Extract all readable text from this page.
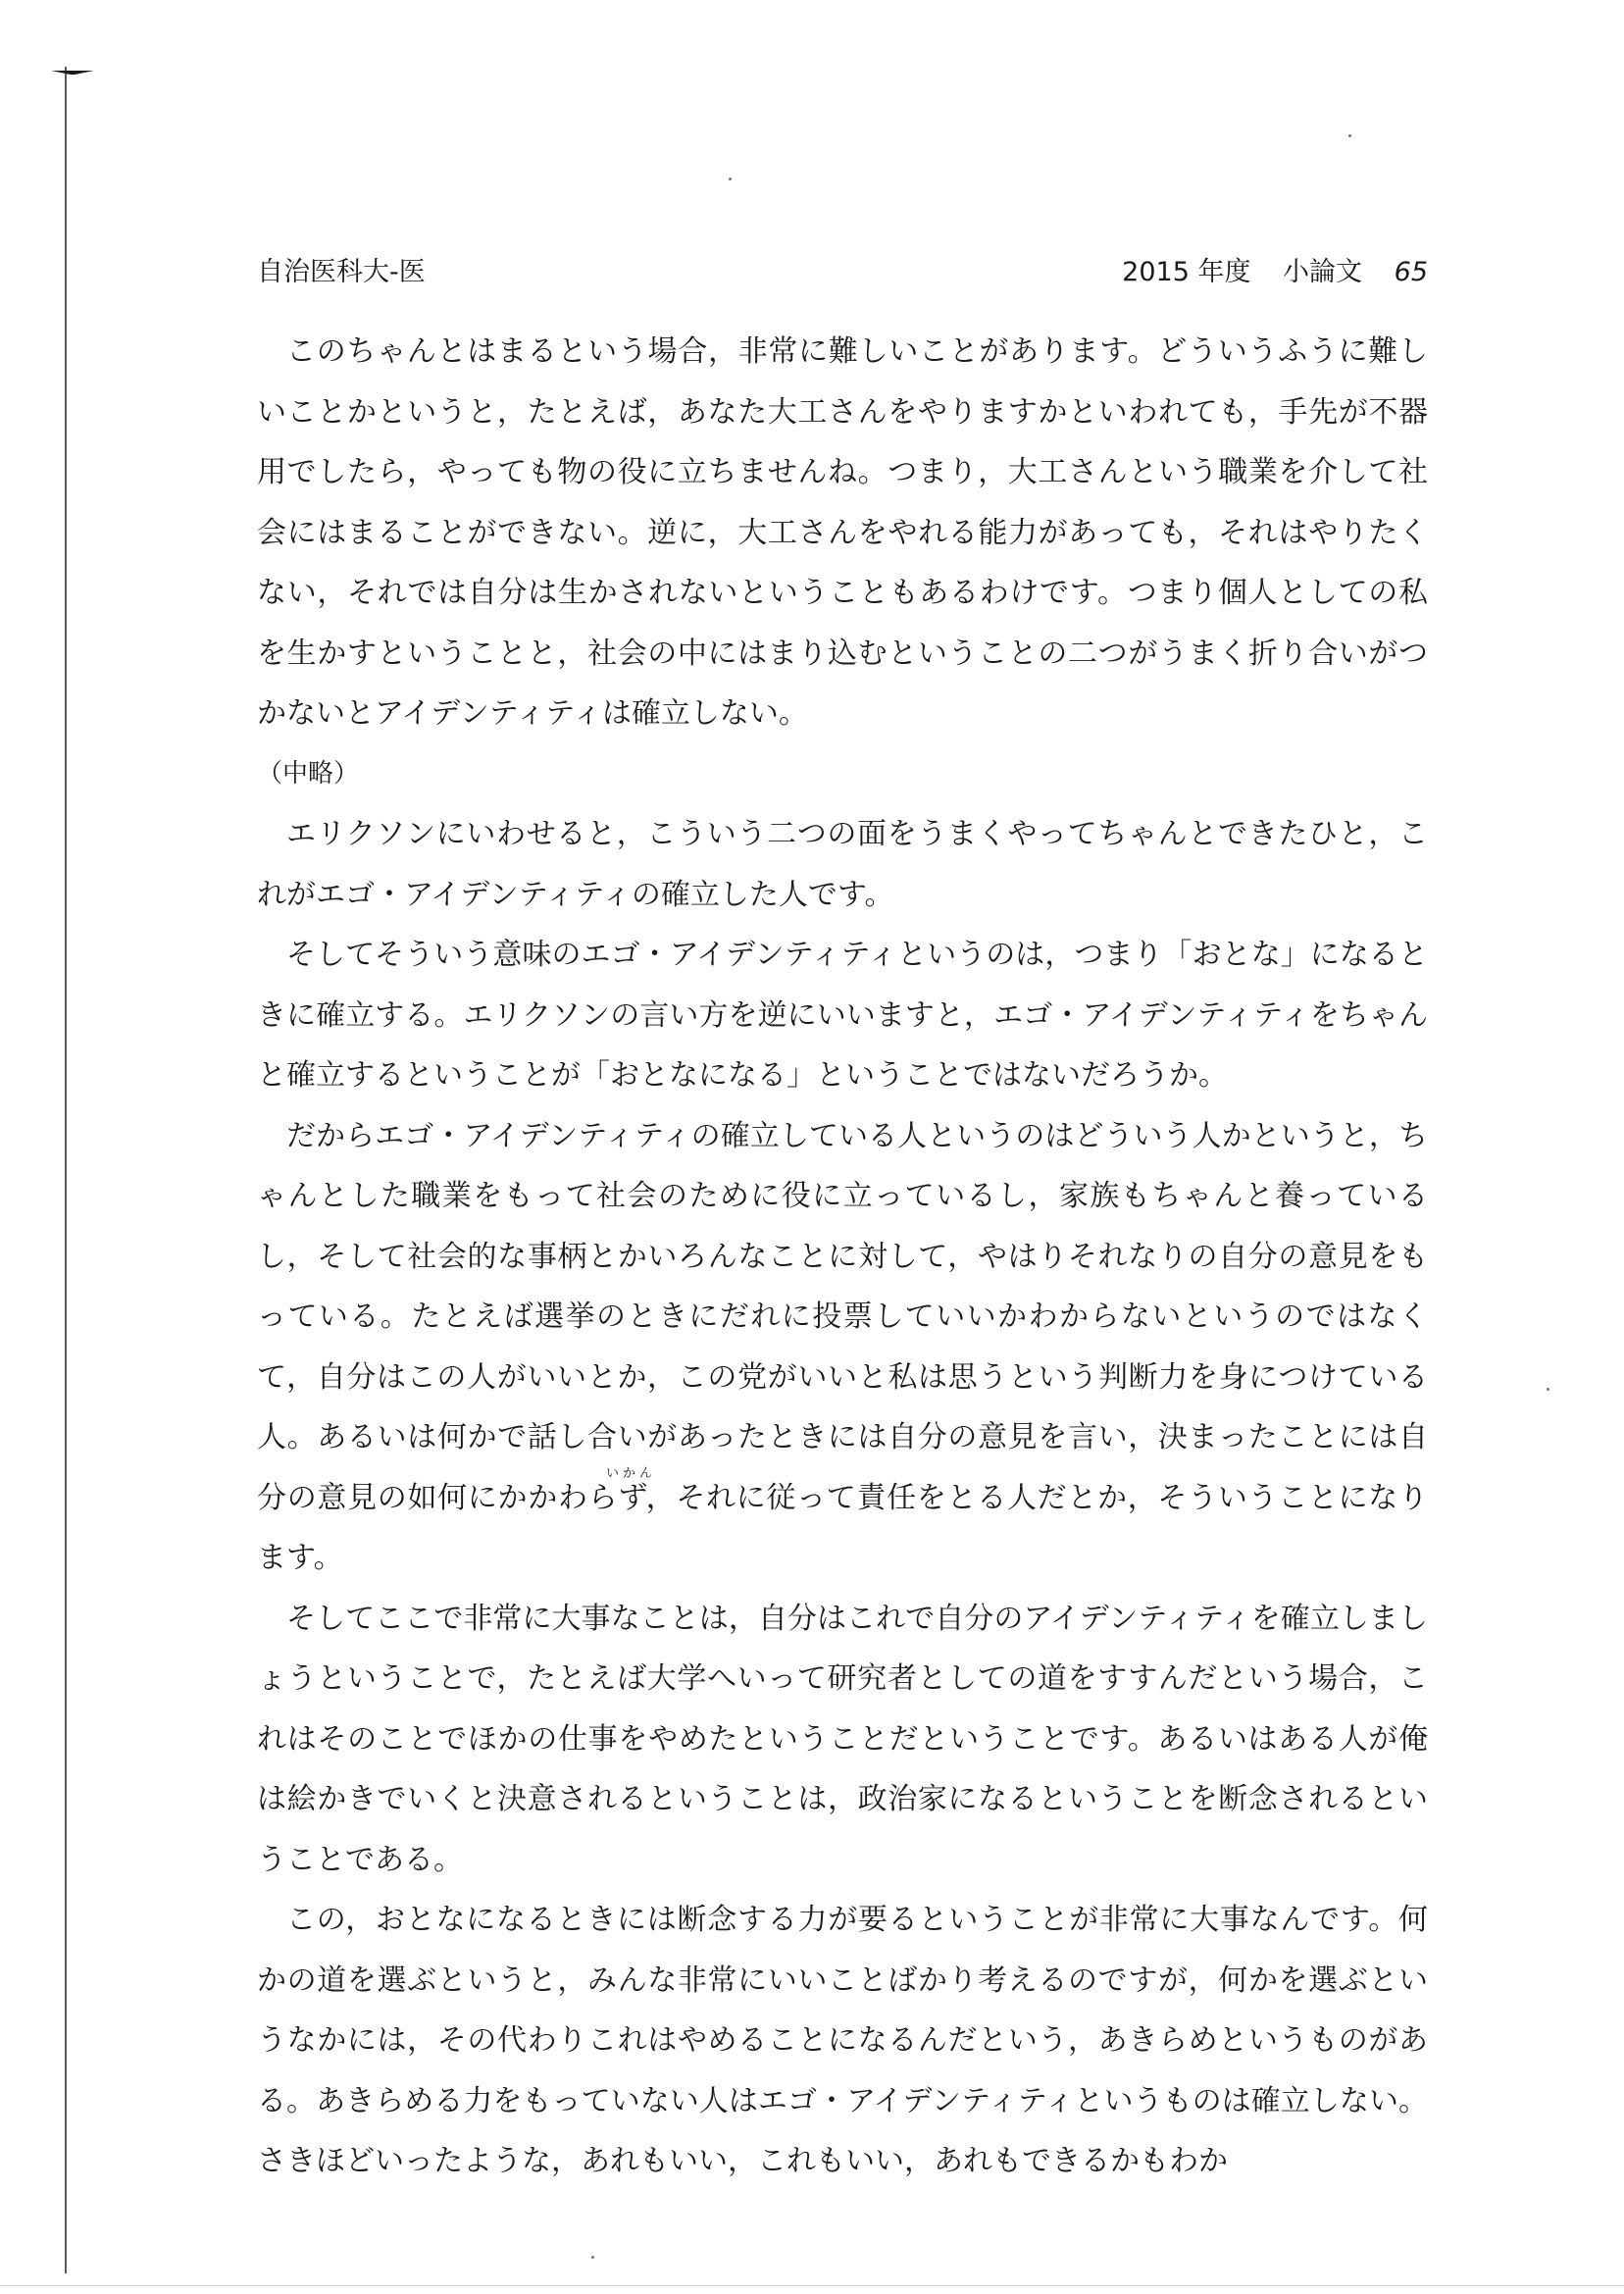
自治医科大-医	2015 年度 小論文 65

このちゃんとはまるという場合，非常に難しいことがあります。どういうふうに難しいことかというと，たとえば，あなた大工さんをやりますかといわれても，手先が不器用でしたら，やっても物の役に立ちませんね。つまり，大工さんという職業を介して社会にはまることができない。逆に，大工さんをやれる能力があっても，それはやりたくない，それでは自分は生かされないということもあるわけです。つまり個人としての私を生かすということと，社会の中にはまり込むということの二つがうまく折り合いがつかないとアイデンティティは確立しない。

（中略）

エリクソンにいわせると，こういう二つの面をうまくやってちゃんとできたひと，これがエゴ・アイデンティティの確立した人です。

そしてそういう意味のエゴ・アイデンティティというのは，つまり「おとな」になるときに確立する。エリクソンの言い方を逆にいいますと，エゴ・アイデンティティをちゃんと確立するということが「おとなになる」ということではないだろうか。

だからエゴ・アイデンティティの確立している人というのはどういう人かというと，ちゃんとした職業をもって社会のために役に立っているし，家族もちゃんと養っているし，そして社会的な事柄とかいろんなことに対して，やはりそれなりの自分の意見をもっている。たとえば選挙のときにだれに投票していいかわからないというのではなくて，自分はこの人がいいとか，この党がいいと私は思うという判断力を身につけている人。あるいは何かで話し合いがあったときには自分の意見を言い，決まったことには自分の意見の如何にかかわらず，それに従って責任をとる人だとか，そういうことになります。

そしてここで非常に大事なことは，自分はこれで自分のアイデンティティを確立しましょうということで，たとえば大学へいって研究者としての道をすすんだという場合，これはそのことでほかの仕事をやめたということだということです。あるいはある人が俺は絵かきでいくと決意されるということは，政治家になるということを断念されるということである。

この，おとなになるときには断念する力が要るということが非常に大事なんです。何かの道を選ぶというと，みんな非常にいいことばかり考えるのですが，何かを選ぶというなかには，その代わりこれはやめることになるんだという，あきらめというものがある。あきらめる力をもっていない人はエゴ・アイデンティティというものは確立しない。さきほどいったような，あれもいい，これもいい，あれもできるかもわか

いかん
